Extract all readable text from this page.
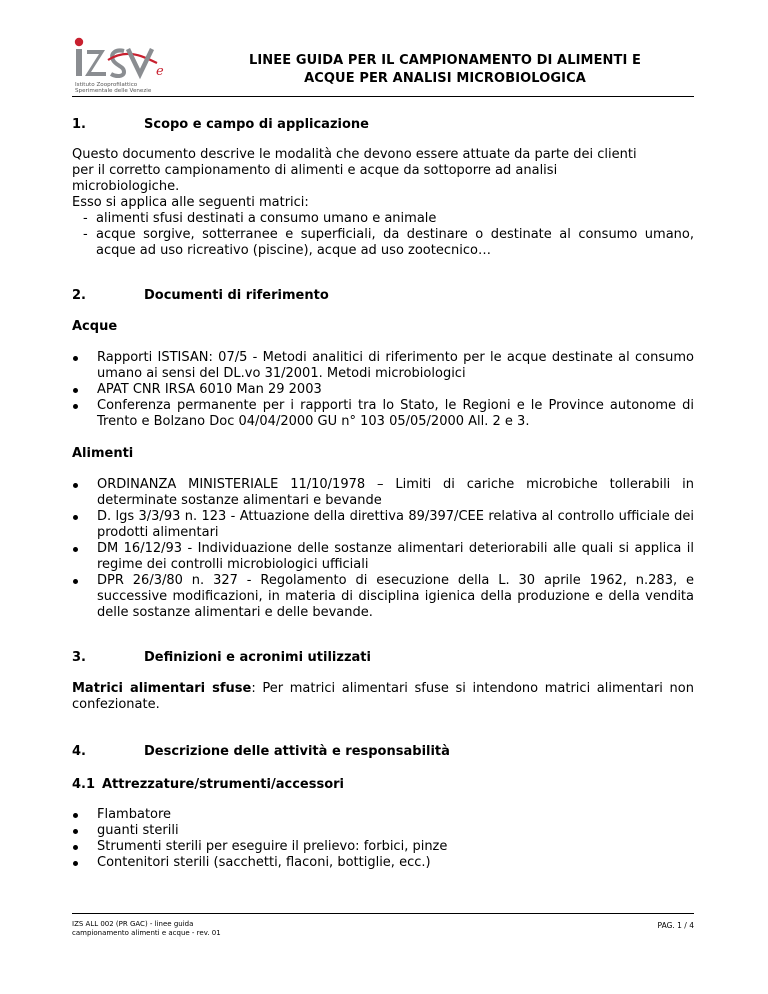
e
Istituto Zooprofilattico
Sperimentale delle Venezie
LINEE GUIDA PER IL CAMPIONAMENTO DI ALIMENTI E
ACQUE PER ANALISI MICROBIOLOGICA
1.	Scopo e campo di applicazione
Questo documento descrive le modalità che devono essere attuate da parte dei clienti
per il corretto campionamento di alimenti e acque da sottoporre ad analisi
microbiologiche.
Esso si applica alle seguenti matrici:
- alimenti sfusi destinati a consumo umano e animale
- acque sorgive, sotterranee e superficiali, da destinare o destinate al consumo umano, acque ad uso ricreativo (piscine), acque ad uso zootecnico…
2.	Documenti di riferimento
Acque
Rapporti ISTISAN: 07/5 - Metodi analitici di riferimento per le acque destinate al consumo umano ai sensi del DL.vo 31/2001. Metodi microbiologici
APAT CNR IRSA 6010 Man 29 2003
Conferenza permanente per i rapporti tra lo Stato, le Regioni e le Province autonome di Trento e Bolzano Doc 04/04/2000 GU n° 103 05/05/2000 All. 2 e 3.
Alimenti
ORDINANZA MINISTERIALE 11/10/1978 – Limiti di cariche microbiche tollerabili in determinate sostanze alimentari e bevande
D. lgs 3/3/93 n. 123 - Attuazione della direttiva 89/397/CEE relativa al controllo ufficiale dei prodotti alimentari
DM 16/12/93 - Individuazione delle sostanze alimentari deteriorabili alle quali si applica il regime dei controlli microbiologici ufficiali
DPR 26/3/80 n. 327 - Regolamento di esecuzione della L. 30 aprile 1962, n.283, e successive modificazioni, in materia di disciplina igienica della produzione e della vendita delle sostanze alimentari e delle bevande.
3.	Definizioni e acronimi utilizzati
Matrici alimentari sfuse: Per matrici alimentari sfuse si intendono matrici alimentari non confezionate.
4.	Descrizione delle attività e responsabilità
4.1 Attrezzature/strumenti/accessori
Flambatore
guanti sterili
Strumenti sterili per eseguire il prelievo: forbici, pinze
Contenitori sterili (sacchetti, flaconi, bottiglie, ecc.)
IZS ALL 002 (PR GAC) - linee guida
campionamento alimenti e acque - rev. 01
PAG. 1 / 4
